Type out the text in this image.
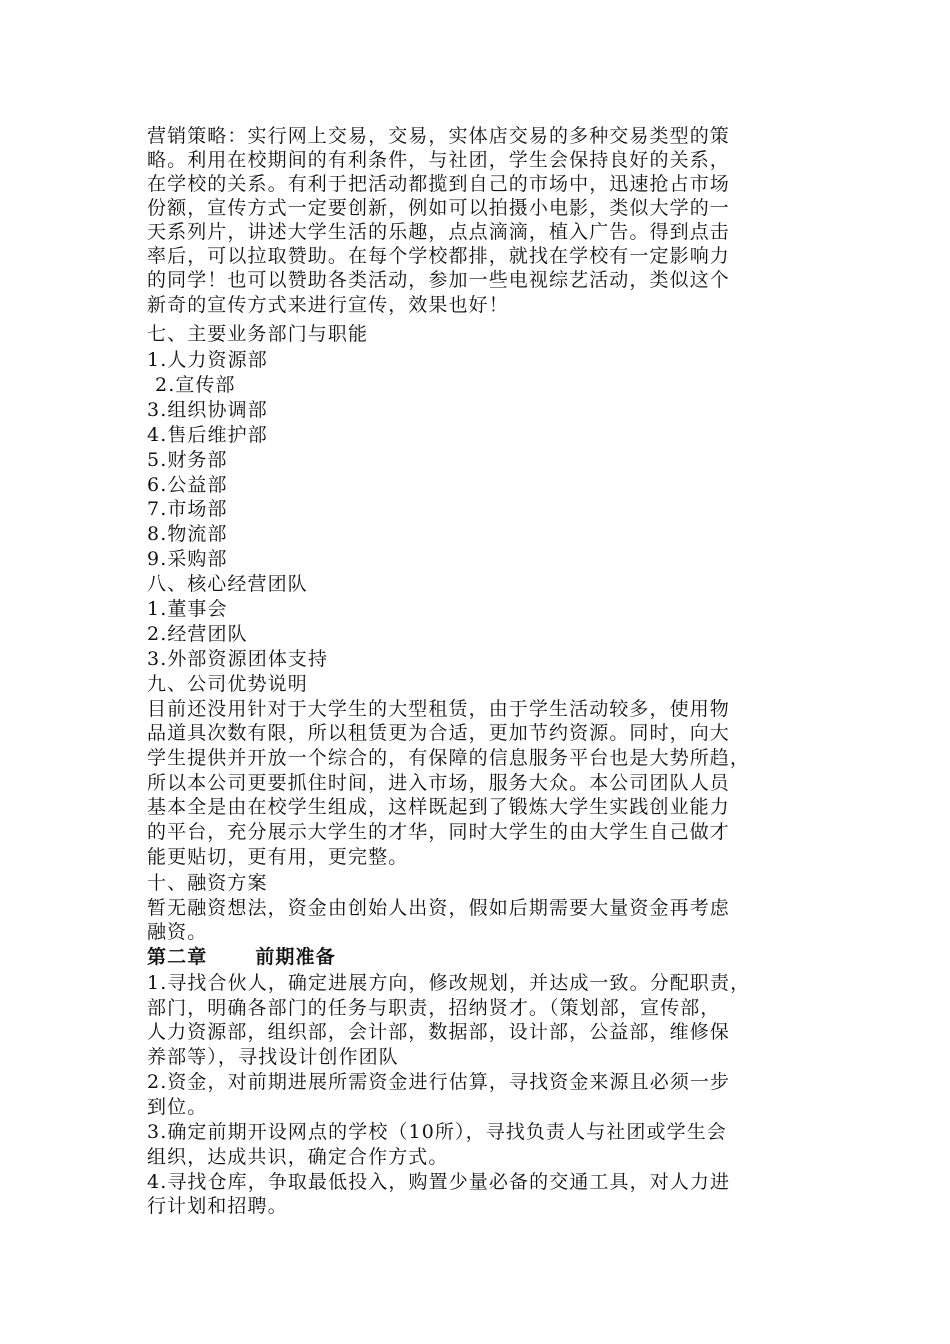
营销策略：实行网上交易，交易，实体店交易的多种交易类型的策
略。利用在校期间的有利条件，与社团，学生会保持良好的关系，
在学校的关系。有利于把活动都揽到自己的市场中，迅速抢占市场
份额，宣传方式一定要创新，例如可以拍摄小电影，类似大学的一
天系列片，讲述大学生活的乐趣，点点滴滴，植入广告。得到点击
率后，可以拉取赞助。在每个学校都排，就找在学校有一定影响力
的同学！也可以赞助各类活动，参加一些电视综艺活动，类似这个
新奇的宣传方式来进行宣传，效果也好！
七、主要业务部门与职能
1.人力资源部
2.宣传部
3.组织协调部
4.售后维护部
5.财务部
6.公益部
7.市场部
8.物流部
9.采购部
八、核心经营团队
1.董事会
2.经营团队
3.外部资源团体支持
九、公司优势说明
目前还没用针对于大学生的大型租赁，由于学生活动较多，使用物
品道具次数有限，所以租赁更为合适，更加节约资源。同时，向大
学生提供并开放一个综合的，有保障的信息服务平台也是大势所趋，
所以本公司更要抓住时间，进入市场，服务大众。本公司团队人员
基本全是由在校学生组成，这样既起到了锻炼大学生实践创业能力
的平台，充分展示大学生的才华，同时大学生的由大学生自己做才
能更贴切，更有用，更完整。
十、融资方案
暂无融资想法，资金由创始人出资，假如后期需要大量资金再考虑
融资。
第二章	前期准备
1.寻找合伙人，确定进展方向，修改规划，并达成一致。分配职责，
部门，明确各部门的任务与职责，招纳贤才。（策划部，宣传部，
人力资源部，组织部，会计部，数据部，设计部，公益部，维修保
养部等），寻找设计创作团队
2.资金，对前期进展所需资金进行估算，寻找资金来源且必须一步
到位。
3.确定前期开设网点的学校（10所），寻找负责人与社团或学生会
组织，达成共识，确定合作方式。
4.寻找仓库，争取最低投入，购置少量必备的交通工具，对人力进
行计划和招聘。
